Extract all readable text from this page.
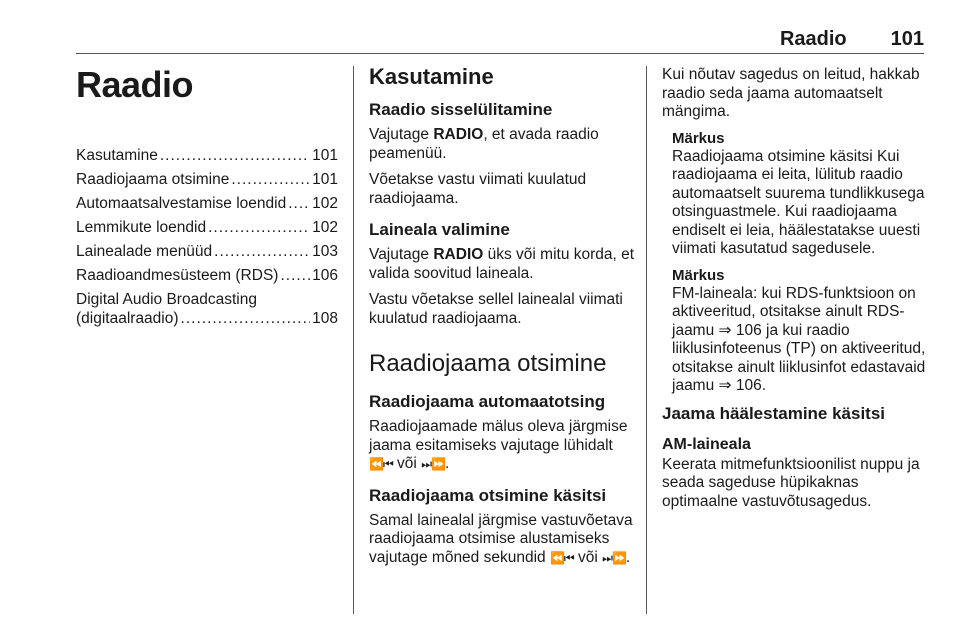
Raadio 101
Raadio
Kasutamine .....	101
Raadiojaama otsimine .....	101
Automaatsalvestamise loendid ..... 102
Lemmikute loendid .....	102
Lainealade menüüd .....	103
Raadioandmesüsteem (RDS) ..... 106
Digital Audio Broadcasting
(digitaalraadio) .....	108
Kasutamine
Raadio sisselülitamine

Vajutage RADIO, et avada raadio peamenüü.

Võetakse vastu viimati kuulatud raadiojaama.

Laineala valimine

Vajutage RADIO üks või mitu korda, et valida soovitud laineala.

Vastu võetakse sellel lainealal viimati kuulatud raadiojaama.

Raadiojaama otsimine
Raadiojaama automaatotsing

Raadiojaamade mälus oleva järgmise jaama esitamiseks vajutage lühidalt ⏪⏮ või ⏭⏩.

Raadiojaama otsimine käsitsi

Samal lainealal järgmise vastuvõetava raadiojaama otsimise alustamiseks vajutage mõned sekundid ⏪⏮ või ⏭⏩.

Kui nõutav sagedus on leitud, hakkab raadio seda jaama automaatselt mängima.

Märkus

Raadiojaama otsimine käsitsi Kui raadiojaama ei leita, lülitub raadio automaatselt suurema tundlikkusega otsinguastmele. Kui raadiojaama endiselt ei leia, häälestatakse uuesti viimati kasutatud sagedusele.

Märkus

FM-laineala: kui RDS-funktsioon on aktiveeritud, otsitakse ainult RDS-jaamu ⇒ 106 ja kui raadio liiklusinfoteenus (TP) on aktiveeritud, otsitakse ainult liiklusinfot edastavaid jaamu ⇒ 106.

Jaama häälestamine käsitsi
AM-laineala

Keerata mitmefunktsioonilist nuppu ja seada sageduse hüpikaknas optimaalne vastuvõtusagedus.
